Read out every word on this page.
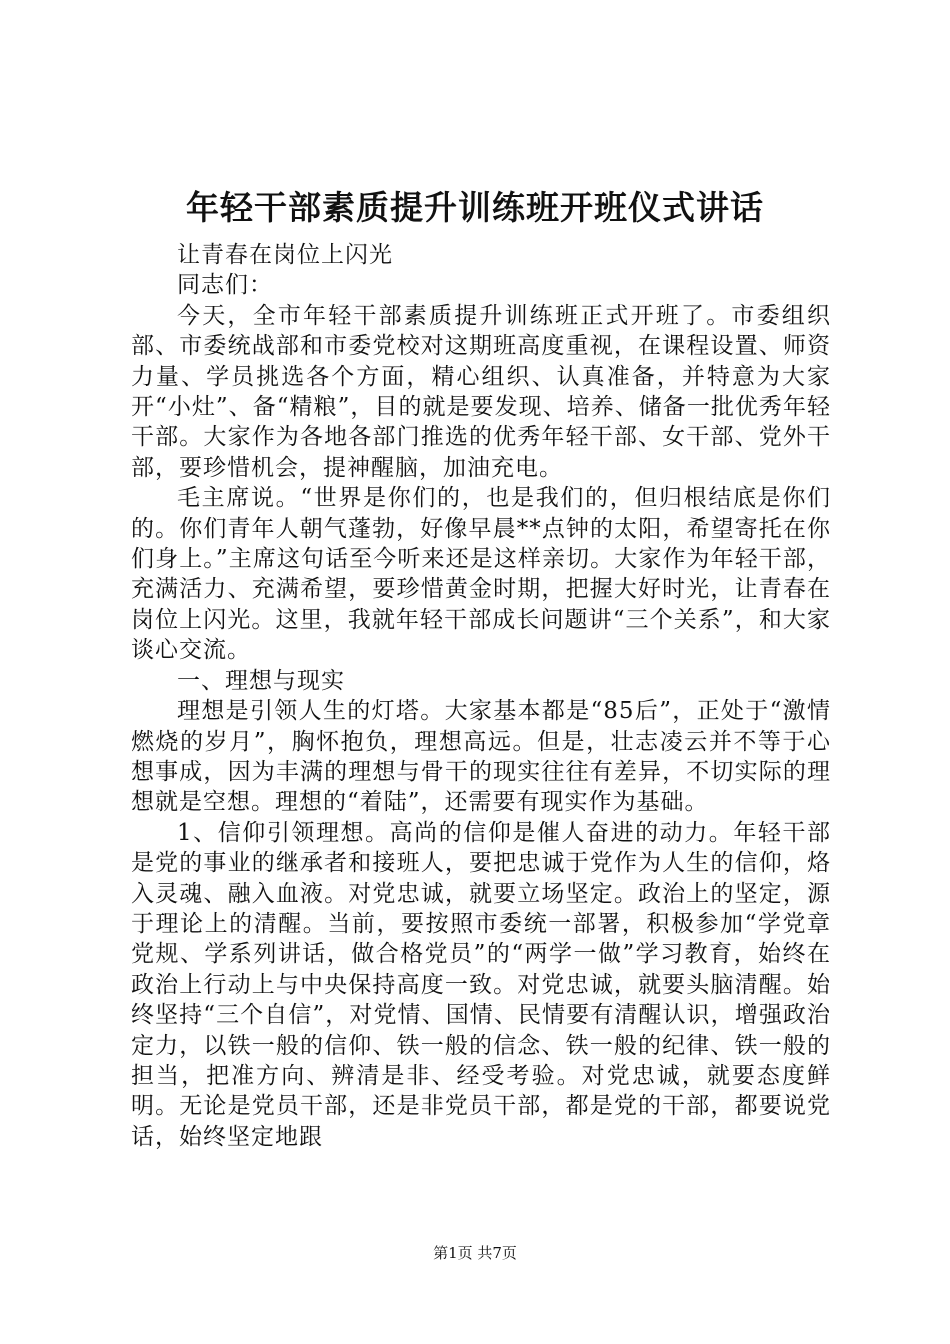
年轻干部素质提升训练班开班仪式讲话

让青春在岗位上闪光

同志们：

今天，全市年轻干部素质提升训练班正式开班了。市委组织部、市委统战部和市委党校对这期班高度重视，在课程设置、师资力量、学员挑选各个方面，精心组织、认真准备，并特意为大家开“小灶”、备“精粮”，目的就是要发现、培养、储备一批优秀年轻干部。大家作为各地各部门推选的优秀年轻干部、女干部、党外干部，要珍惜机会，提神醒脑，加油充电。

毛主席说。“世界是你们的，也是我们的，但归根结底是你们的。你们青年人朝气蓬勃，好像早晨**点钟的太阳，希望寄托在你们身上。”主席这句话至今听来还是这样亲切。大家作为年轻干部，充满活力、充满希望，要珍惜黄金时期，把握大好时光，让青春在岗位上闪光。这里，我就年轻干部成长问题讲“三个关系”，和大家谈心交流。

一、理想与现实

理想是引领人生的灯塔。大家基本都是“85后”，正处于“激情燃烧的岁月”，胸怀抱负，理想高远。但是，壮志凌云并不等于心想事成，因为丰满的理想与骨干的现实往往有差异，不切实际的理想就是空想。理想的“着陆”，还需要有现实作为基础。

1、信仰引领理想。高尚的信仰是催人奋进的动力。年轻干部是党的事业的继承者和接班人，要把忠诚于党作为人生的信仰，烙入灵魂、融入血液。对党忠诚，就要立场坚定。政治上的坚定，源于理论上的清醒。当前，要按照市委统一部署，积极参加“学党章党规、学系列讲话，做合格党员”的“两学一做”学习教育，始终在政治上行动上与中央保持高度一致。对党忠诚，就要头脑清醒。始终坚持“三个自信”，对党情、国情、民情要有清醒认识，增强政治定力，以铁一般的信仰、铁一般的信念、铁一般的纪律、铁一般的担当，把准方向、辨清是非、经受考验。对党忠诚，就要态度鲜明。无论是党员干部，还是非党员干部，都是党的干部，都要说党话，始终坚定地跟

第1页 共7页
